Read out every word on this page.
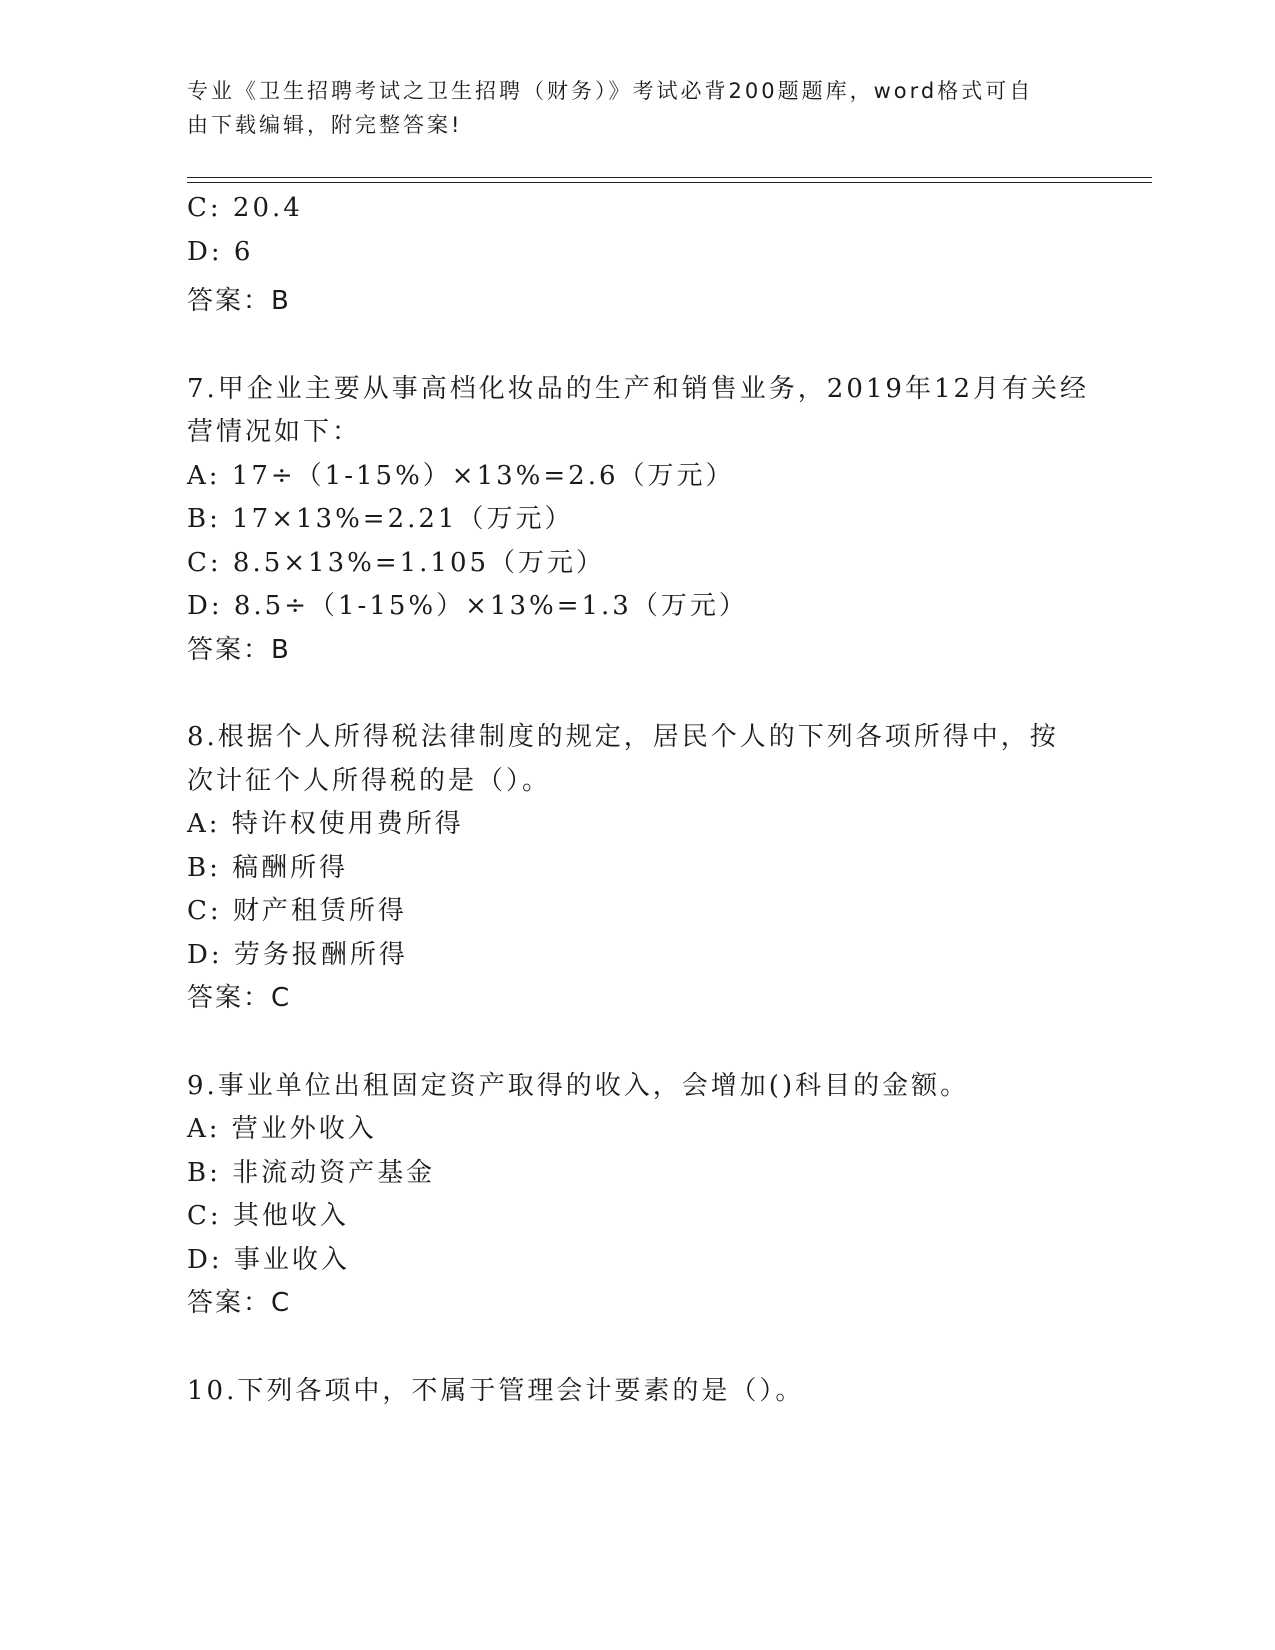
专业《卫生招聘考试之卫生招聘（财务）》考试必背200题题库，word格式可自
由下载编辑，附完整答案!
C: 20.4
D: 6
答案：B
7.甲企业主要从事高档化妆品的生产和销售业务，2019年12月有关经
营情况如下：
A: 17÷（1-15%）×13%=2.6（万元）
B: 17×13%=2.21（万元）
C: 8.5×13%=1.105（万元）
D: 8.5÷（1-15%）×13%=1.3（万元）
答案：B
8.根据个人所得税法律制度的规定，居民个人的下列各项所得中，按
次计征个人所得税的是（）。
A: 特许权使用费所得
B: 稿酬所得
C: 财产租赁所得
D: 劳务报酬所得
答案：C
9.事业单位出租固定资产取得的收入，会增加()科目的金额。
A: 营业外收入
B: 非流动资产基金
C: 其他收入
D: 事业收入
答案：C
10.下列各项中，不属于管理会计要素的是（）。
